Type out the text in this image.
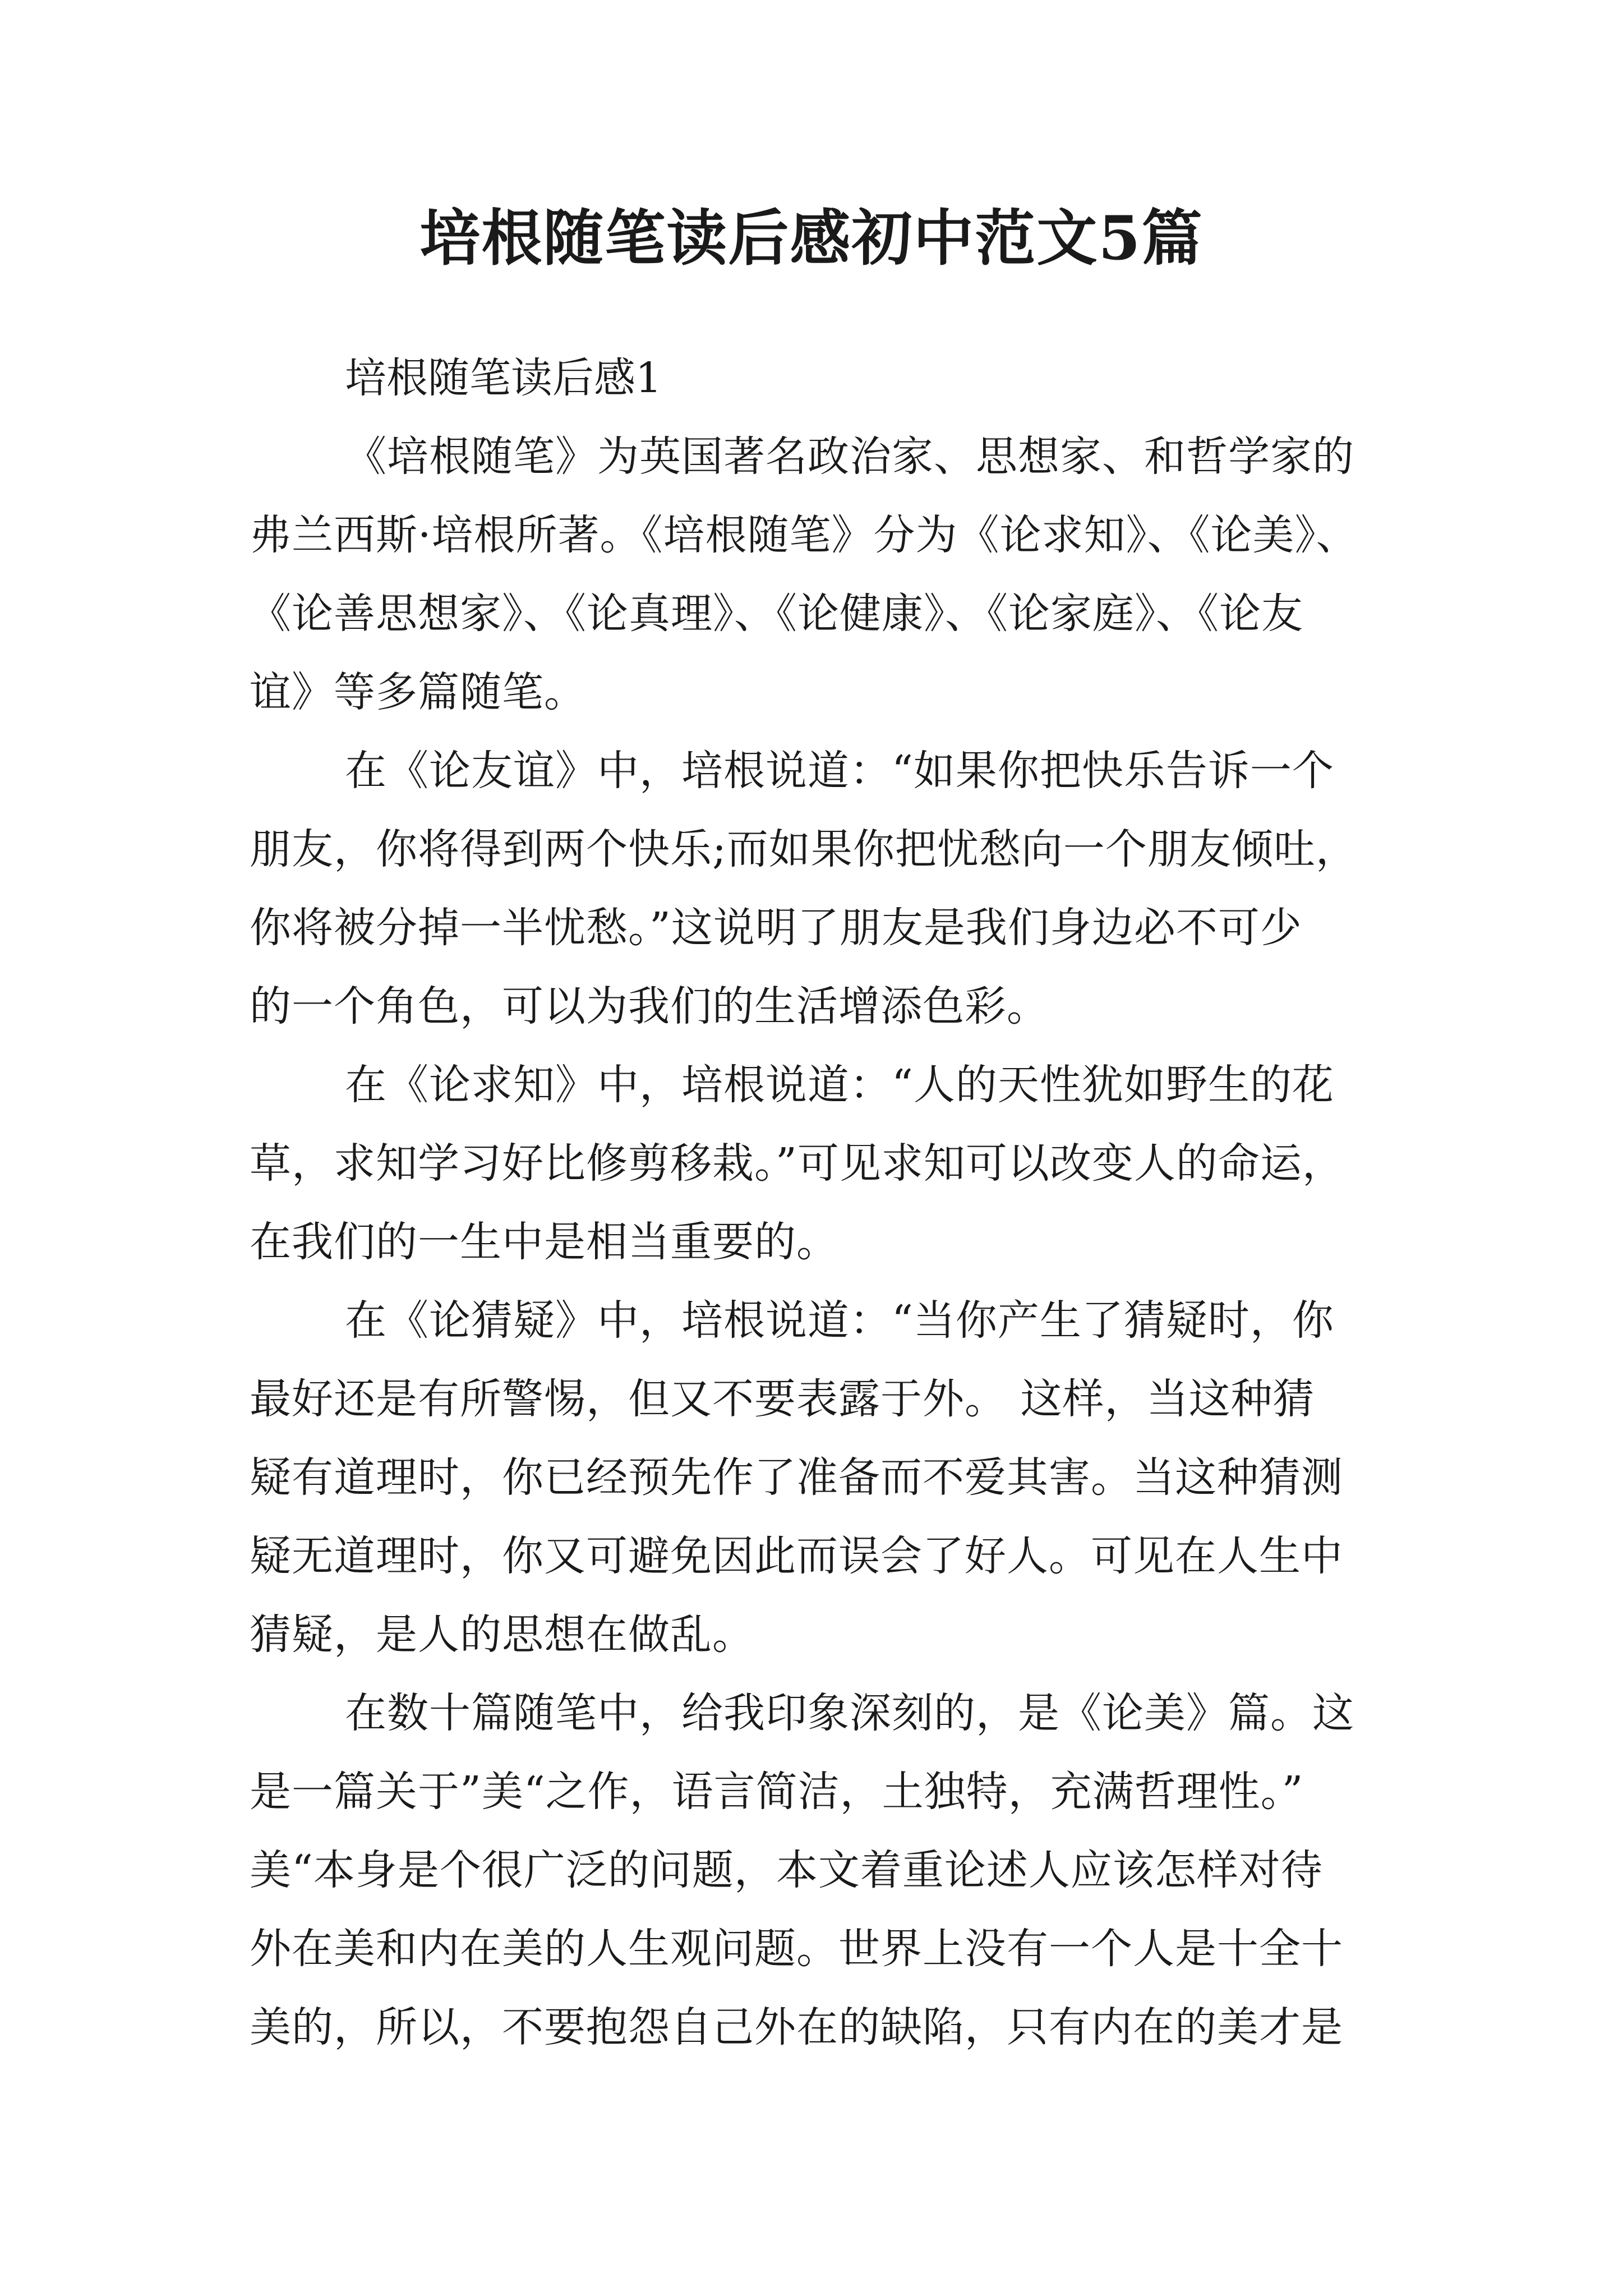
培根随笔读后感初中范文5篇

培根随笔读后感1

《培根随笔》为英国著名政治家、思想家、和哲学家的
弗兰西斯·培根所著。《培根随笔》分为《论求知》、《论美》、
《论善思想家》、《论真理》、《论健康》、《论家庭》、《论友
谊》等多篇随笔。

在《论友谊》中，培根说道：“如果你把快乐告诉一个
朋友，你将得到两个快乐;而如果你把忧愁向一个朋友倾吐，
你将被分掉一半忧愁。”这说明了朋友是我们身边必不可少
的一个角色，可以为我们的生活增添色彩。

在《论求知》中，培根说道：“人的天性犹如野生的花
草，求知学习好比修剪移栽。”可见求知可以改变人的命运，
在我们的一生中是相当重要的。

在《论猜疑》中，培根说道：“当你产生了猜疑时，你
最好还是有所警惕，但又不要表露于外。 这样，当这种猜
疑有道理时，你已经预先作了准备而不爱其害。当这种猜测
疑无道理时，你又可避免因此而误会了好人。可见在人生中
猜疑，是人的思想在做乱。

在数十篇随笔中，给我印象深刻的，是《论美》篇。这
是一篇关于”美“之作，语言简洁，土独特，充满哲理性。”
美“本身是个很广泛的问题，本文着重论述人应该怎样对待
外在美和内在美的人生观问题。世界上没有一个人是十全十
美的，所以，不要抱怨自己外在的缺陷，只有内在的美才是
